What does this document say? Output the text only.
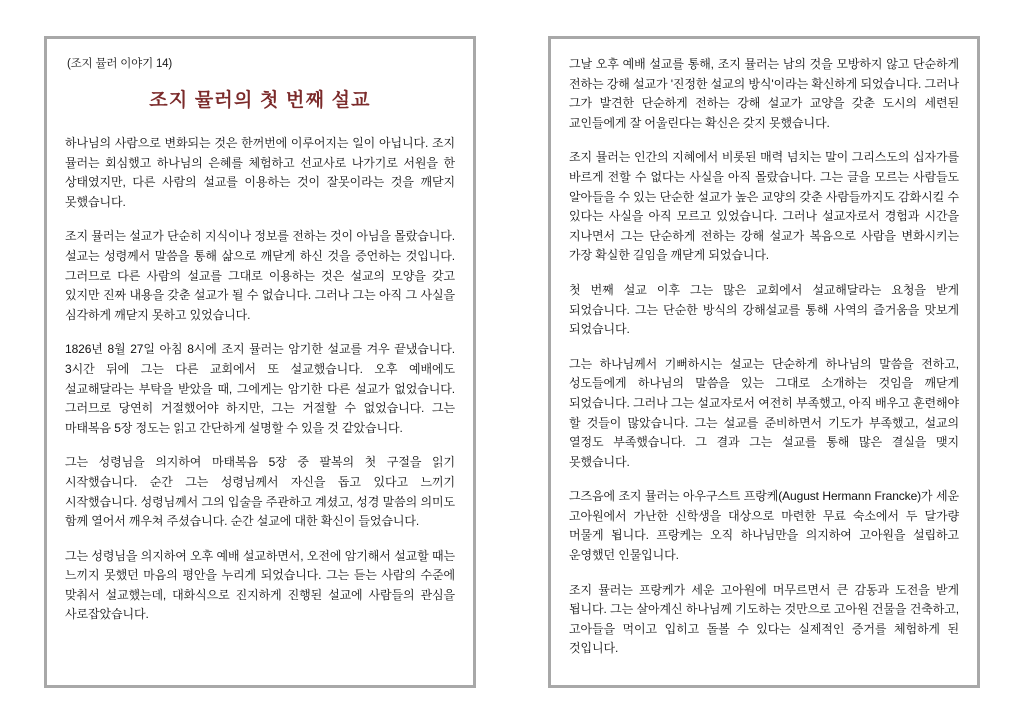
(조지 뮬러 이야기 14)

조지 뮬러의 첫 번째 설교

하나님의 사람으로 변화되는 것은 한꺼번에 이루어지는 일이 아닙니다. 조지 뮬러는 회심했고 하나님의 은혜를 체험하고 선교사로 나가기로 서원을 한 상태였지만, 다른 사람의 설교를 이용하는 것이 잘못이라는 것을 깨닫지 못했습니다.

조지 뮬러는 설교가 단순히 지식이나 정보를 전하는 것이 아님을 몰랐습니다. 설교는 성령께서 말씀을 통해 삶으로 깨닫게 하신 것을 증언하는 것입니다. 그러므로 다른 사람의 설교를 그대로 이용하는 것은 설교의 모양을 갖고 있지만 진짜 내용을 갖춘 설교가 될 수 없습니다. 그러나 그는 아직 그 사실을 심각하게 깨닫지 못하고 있었습니다.

1826년 8월 27일 아침 8시에 조지 뮬러는 암기한 설교를 겨우 끝냈습니다. 3시간 뒤에 그는 다른 교회에서 또 설교했습니다. 오후 예배에도 설교해달라는 부탁을 받았을 때, 그에게는 암기한 다른 설교가 없었습니다. 그러므로 당연히 거절했어야 하지만, 그는 거절할 수 없었습니다. 그는 마태복음 5장 정도는 읽고 간단하게 설명할 수 있을 것 같았습니다.

그는 성령님을 의지하여 마태복음 5장 중 팔복의 첫 구절을 읽기 시작했습니다. 순간 그는 성령님께서 자신을 돕고 있다고 느끼기 시작했습니다. 성령님께서 그의 입술을 주관하고 계셨고, 성경 말씀의 의미도 함께 열어서 깨우쳐 주셨습니다. 순간 설교에 대한 확신이 들었습니다.

그는 성령님을 의지하여 오후 예배 설교하면서, 오전에 암기해서 설교할 때는 느끼지 못했던 마음의 평안을 누리게 되었습니다. 그는 듣는 사람의 수준에 맞춰서 설교했는데, 대화식으로 진지하게 진행된 설교에 사람들의 관심을 사로잡았습니다.

그날 오후 예배 설교를 통해, 조지 뮬러는 남의 것을 모방하지 않고 단순하게 전하는 강해 설교가 '진정한 설교의 방식'이라는 확신하게 되었습니다. 그러나 그가 발견한 단순하게 전하는 강해 설교가 교양을 갖춘 도시의 세련된 교인들에게 잘 어울린다는 확신은 갖지 못했습니다.

조지 뮬러는 인간의 지혜에서 비롯된 매력 넘치는 말이 그리스도의 십자가를 바르게 전할 수 없다는 사실을 아직 몰랐습니다. 그는 글을 모르는 사람들도 알아들을 수 있는 단순한 설교가 높은 교양의 갖춘 사람들까지도 감화시킬 수 있다는 사실을 아직 모르고 있었습니다. 그러나 설교자로서 경험과 시간을 지나면서 그는 단순하게 전하는 강해 설교가 복음으로 사람을 변화시키는 가장 확실한 길임을 깨닫게 되었습니다.

첫 번째 설교 이후 그는 많은 교회에서 설교해달라는 요청을 받게 되었습니다. 그는 단순한 방식의 강해설교를 통해 사역의 즐거움을 맛보게 되었습니다.

그는 하나님께서 기뻐하시는 설교는 단순하게 하나님의 말씀을 전하고, 성도들에게 하나님의 말씀을 있는 그대로 소개하는 것임을 깨닫게 되었습니다. 그러나 그는 설교자로서 여전히 부족했고, 아직 배우고 훈련해야 할 것들이 많았습니다. 그는 설교를 준비하면서 기도가 부족했고, 설교의 열정도 부족했습니다. 그 결과 그는 설교를 통해 많은 결실을 맺지 못했습니다.

그즈음에 조지 뮬러는 아우구스트 프랑케(August Hermann Francke)가 세운 고아원에서 가난한 신학생을 대상으로 마련한 무료 숙소에서 두 달가량 머물게 됩니다. 프랑케는 오직 하나님만을 의지하여 고아원을 설립하고 운영했던 인물입니다.

조지 뮬러는 프랑케가 세운 고아원에 머무르면서 큰 감동과 도전을 받게 됩니다. 그는 살아계신 하나님께 기도하는 것만으로 고아원 건물을 건축하고, 고아들을 먹이고 입히고 돌볼 수 있다는 실제적인 증거를 체험하게 된 것입니다.
